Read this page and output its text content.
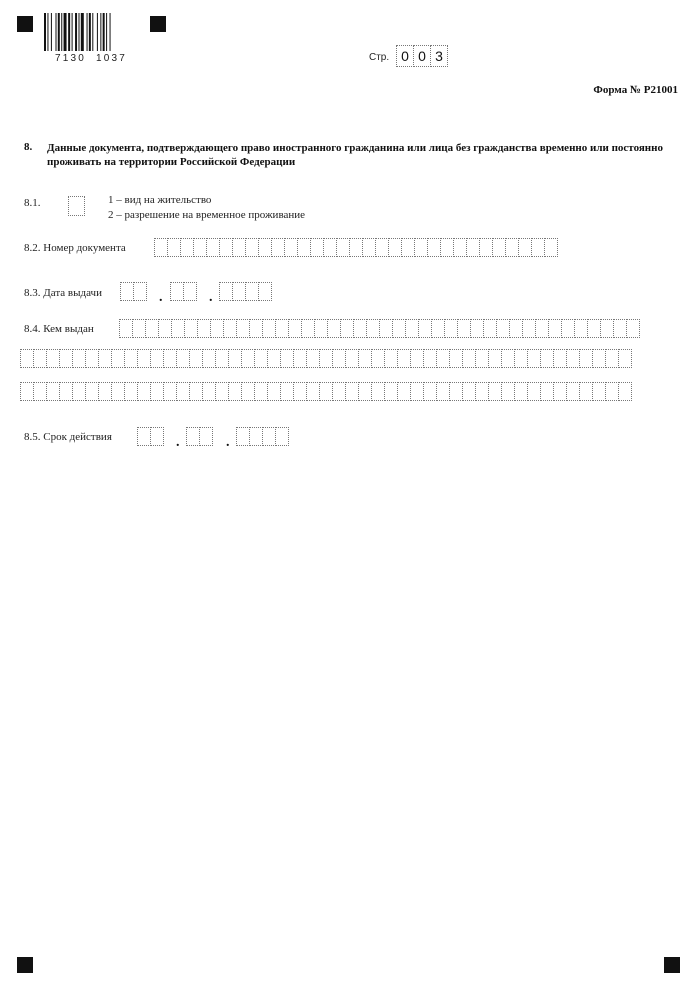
7130  1037	Стр. 0 0 3
Форма № Р21001
8. Данные документа, подтверждающего право иностранного гражданина или лица без гражданства временно или постоянно проживать на территории Российской Федерации
8.1.	1 – вид на жительство
2 – разрешение на временное проживание
8.2. Номер документа
8.3. Дата выдачи	.	.
8.4. Кем выдан
8.5. Срок действия	.	.
